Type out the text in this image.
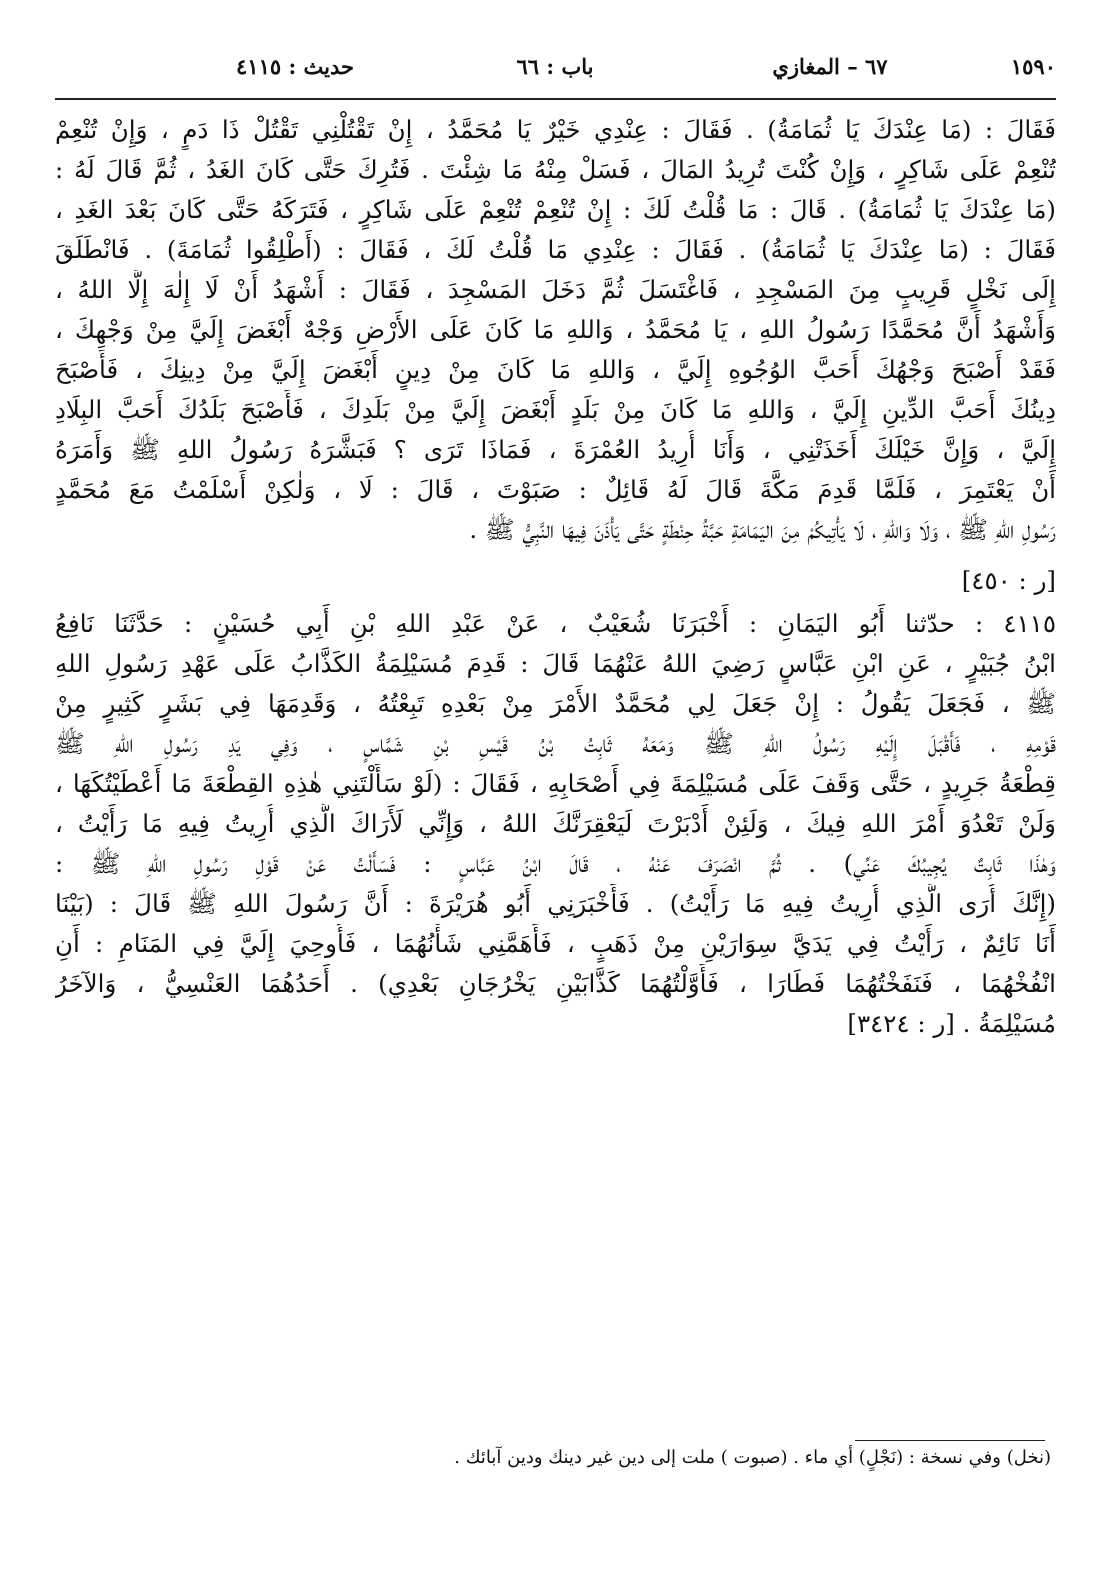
١٥٩٠
٦٧ – المغازي
باب : ٦٦
حديث : ٤١١٥
فَقَالَ : (مَا عِنْدَكَ يَا ثُمَامَةُ) . فَقَالَ : عِنْدِي خَيْرٌ يَا مُحَمَّدُ ، إِنْ تَقْتُلْنِي تَقْتُلْ ذَا دَمٍ ، وَإِنْ تُنْعِمْ
تُنْعِمْ عَلَى شَاكِرٍ ، وَإِنْ كُنْتَ تُرِيدُ المَالَ ، فَسَلْ مِنْهُ مَا شِئْتَ . فَتُرِكَ حَتَّى كَانَ الغَدُ ، ثُمَّ قَالَ لَهُ :
(مَا عِنْدَكَ يَا ثُمَامَةُ) . قَالَ : مَا قُلْتُ لَكَ : إِنْ تُنْعِمْ تُنْعِمْ عَلَى شَاكِرٍ ، فَتَرَكَهُ حَتَّى كَانَ بَعْدَ الغَدِ ،
فَقَالَ : (مَا عِنْدَكَ يَا ثُمَامَةُ) . فَقَالَ : عِنْدِي مَا قُلْتُ لَكَ ، فَقَالَ : (أَطْلِقُوا ثُمَامَةَ) . فَانْطَلَقَ
إِلَى نَخْلٍ قَرِيبٍ مِنَ المَسْجِدِ ، فَاغْتَسَلَ ثُمَّ دَخَلَ المَسْجِدَ ، فَقَالَ : أَشْهَدُ أَنْ لَا إِلٰهَ إِلَّا اللهُ ،
وَأَشْهَدُ أَنَّ مُحَمَّدًا رَسُولُ اللهِ ، يَا مُحَمَّدُ ، وَاللهِ مَا كَانَ عَلَى الأَرْضِ وَجْهٌ أَبْغَضَ إِلَيَّ مِنْ وَجْهِكَ ،
فَقَدْ أَصْبَحَ وَجْهُكَ أَحَبَّ الوُجُوهِ إِلَيَّ ، وَاللهِ مَا كَانَ مِنْ دِينٍ أَبْغَضَ إِلَيَّ مِنْ دِينِكَ ، فَأَصْبَحَ
دِينُكَ أَحَبَّ الدِّينِ إِلَيَّ ، وَاللهِ مَا كَانَ مِنْ بَلَدٍ أَبْغَضَ إِلَيَّ مِنْ بَلَدِكَ ، فَأَصْبَحَ بَلَدُكَ أَحَبَّ البِلَادِ
إِلَيَّ ، وَإِنَّ خَيْلَكَ أَخَذَتْنِي ، وَأَنَا أُرِيدُ العُمْرَةَ ، فَمَاذَا تَرَى ؟ فَبَشَّرَهُ رَسُولُ اللهِ ﷺ وَأَمَرَهُ
أَنْ يَعْتَمِرَ ، فَلَمَّا قَدِمَ مَكَّةَ قَالَ لَهُ قَائِلٌ : صَبَوْتَ ، قَالَ : لَا ، وَلٰكِنْ أَسْلَمْتُ مَعَ مُحَمَّدٍ
رَسُولِ اللهِ ﷺ ، وَلَا وَاللهِ ، لَا يَأْتِيكُمْ مِنَ اليَمَامَةِ حَبَّةُ حِنْطَةٍ حَتَّى يَأْذَنَ فِيهَا النَّبِيُّ ﷺ .
[ر : ٤٥٠]
٤١١٥ : حدّثنا أَبُو اليَمَانِ : أَخْبَرَنَا شُعَيْبٌ ، عَنْ عَبْدِ اللهِ بْنِ أَبِي حُسَيْنٍ : حَدَّثَنَا نَافِعُ
ابْنُ جُبَيْرٍ ، عَنِ ابْنِ عَبَّاسٍ رَضِيَ اللهُ عَنْهُمَا قَالَ : قَدِمَ مُسَيْلِمَةُ الكَذَّابُ عَلَى عَهْدِ رَسُولِ اللهِ
ﷺ ، فَجَعَلَ يَقُولُ : إِنْ جَعَلَ لِي مُحَمَّدٌ الأَمْرَ مِنْ بَعْدِهِ تَبِعْتُهُ ، وَقَدِمَهَا فِي بَشَرٍ كَثِيرٍ مِنْ
قَوْمِهِ ، فَأَقْبَلَ إِلَيْهِ رَسُولُ اللهِ ﷺ وَمَعَهُ ثَابِتُ بْنُ قَيْسِ بْنِ شَمَّاسٍ ، وَفِي يَدِ رَسُولِ اللهِ ﷺ
قِطْعَةُ جَرِيدٍ ، حَتَّى وَقَفَ عَلَى مُسَيْلِمَةَ فِي أَصْحَابِهِ ، فَقَالَ : (لَوْ سَأَلْتَنِي هٰذِهِ القِطْعَةَ مَا أَعْطَيْتُكَهَا ،
وَلَنْ تَعْدُوَ أَمْرَ اللهِ فِيكَ ، وَلَئِنْ أَدْبَرْتَ لَيَعْقِرَنَّكَ اللهُ ، وَإِنِّي لَأَرَاكَ الَّذِي أُرِيتُ فِيهِ مَا رَأَيْتُ ،
وَهٰذَا ثَابِتٌ يُجِيبُكَ عَنِّي) . ثُمَّ انْصَرَفَ عَنْهُ ، قَالَ ابْنُ عَبَّاسٍ : فَسَأَلْتُ عَنْ قَوْلِ رَسُولِ اللهِ ﷺ :
(إِنَّكَ أُرَى الَّذِي أُرِيتُ فِيهِ مَا رَأَيْتُ) . فَأَخْبَرَنِي أَبُو هُرَيْرَةَ : أَنَّ رَسُولَ اللهِ ﷺ قَالَ : (بَيْنَا
أَنَا نَائِمٌ ، رَأَيْتُ فِي يَدَيَّ سِوَارَيْنِ مِنْ ذَهَبٍ ، فَأَهَمَّنِي شَأْنُهُمَا ، فَأُوحِيَ إِلَيَّ فِي المَنَامِ : أَنِ
انْفُخْهُمَا ، فَنَفَخْتُهُمَا فَطَارَا ، فَأَوَّلْتُهُمَا كَذَّابَيْنِ يَخْرُجَانِ بَعْدِي) . أَحَدُهُمَا العَنْسِيُّ ، وَالآخَرُ
مُسَيْلِمَةُ . [ر : ٣٤٢٤]
(نخل) وفي نسخة : (نَجْلٍ) أي ماء . (صبوت ) ملت إلى دين غير دينك ودين آبائك .
